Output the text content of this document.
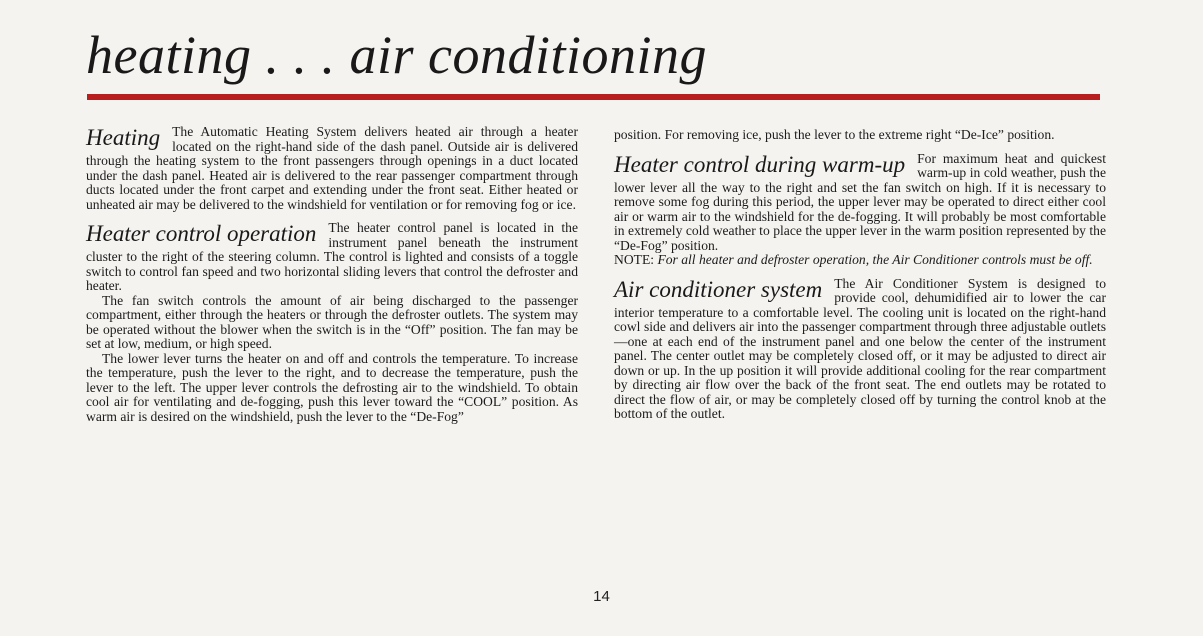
heating . . . air conditioning
Heating The Automatic Heating System delivers heated air through a heater located on the right-hand side of the dash panel. Outside air is delivered through the heating system to the front passengers through openings in a duct located under the dash panel. Heated air is delivered to the rear passenger compartment through ducts located under the front carpet and extending under the front seat. Either heated or unheated air may be delivered to the windshield for ventilation or for removing fog or ice.

Heater control operation The heater control panel is located in the instrument panel beneath the instrument cluster to the right of the steering column. The control is lighted and consists of a toggle switch to control fan speed and two horizontal sliding levers that control the defroster and heater.

The fan switch controls the amount of air being discharged to the passenger compartment, either through the heaters or through the defroster outlets. The system may be operated without the blower when the switch is in the “Off” position. The fan may be set at low, medium, or high speed.

The lower lever turns the heater on and off and controls the temperature. To increase the temperature, push the lever to the right, and to decrease the temperature, push the lever to the left. The upper lever controls the defrosting air to the windshield. To obtain cool air for ventilating and de-fogging, push this lever toward the “COOL” position. As warm air is desired on the windshield, push the lever to the “De-Fog”

position. For removing ice, push the lever to the extreme right “De-Ice” position.

Heater control during warm-up For maximum heat and quickest warm-up in cold weather, push the lower lever all the way to the right and set the fan switch on high. If it is necessary to remove some fog during this period, the upper lever may be operated to direct either cool air or warm air to the windshield for the de-fogging. It will probably be most comfortable in extremely cold weather to place the upper lever in the warm position represented by the “De-Fog” position.

NOTE: For all heater and defroster operation, the Air Conditioner controls must be off.

Air conditioner system The Air Conditioner System is designed to provide cool, dehumidified air to lower the car interior temperature to a comfortable level. The cooling unit is located on the right-hand cowl side and delivers air into the passenger compartment through three adjustable outlets—one at each end of the instrument panel and one below the center of the instrument panel. The center outlet may be completely closed off, or it may be adjusted to direct air down or up. In the up position it will provide additional cooling for the rear compartment by directing air flow over the back of the front seat. The end outlets may be rotated to direct the flow of air, or may be completely closed off by turning the control knob at the bottom of the outlet.

14
